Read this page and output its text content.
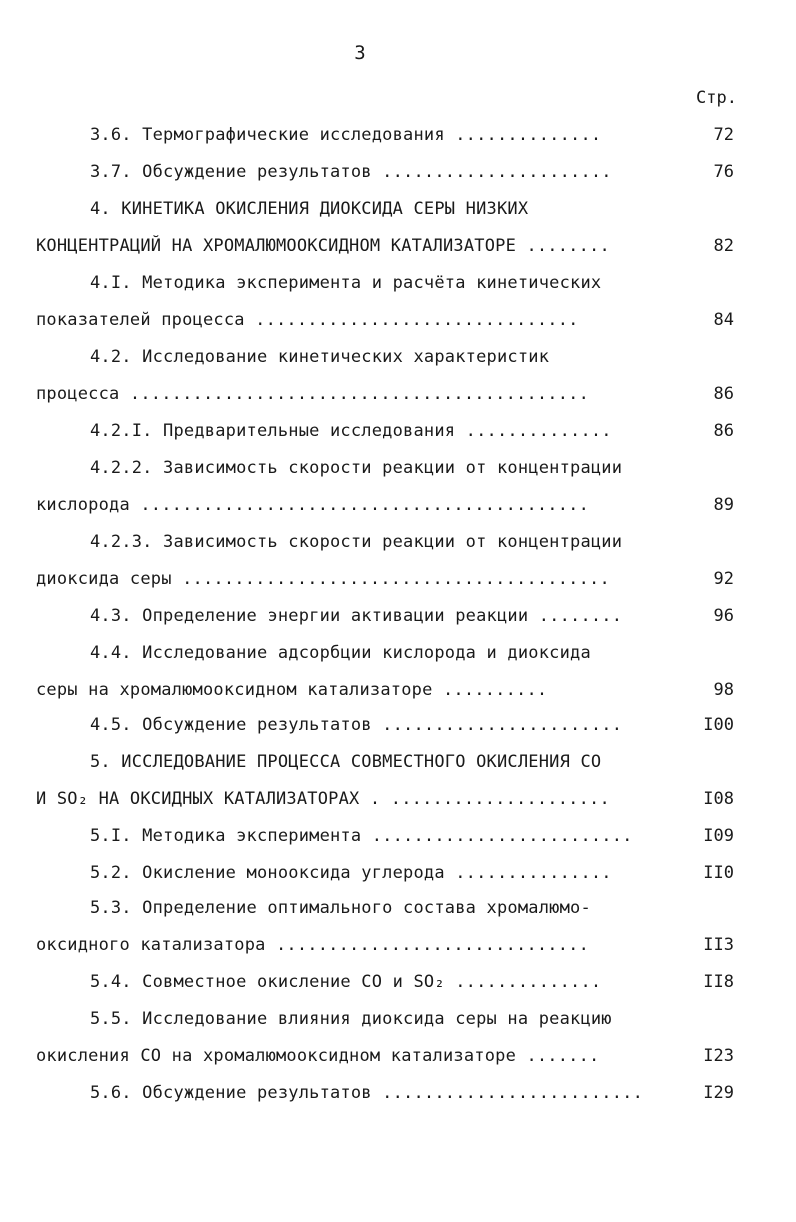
3
Стр.
3.6. Термографические исследования ..............	72
3.7. Обсуждение результатов ......................	76
4. КИНЕТИКА ОКИСЛЕНИЯ ДИОКСИДА СЕРЫ НИЗКИХ
КОНЦЕНТРАЦИЙ НА ХРОМАЛЮМООКСИДНОМ КАТАЛИЗАТОРЕ ........	82
4.I. Методика эксперимента и расчёта кинетических
показателей процесса ...............................	84
4.2. Исследование кинетических характеристик
процесса ............................................	86
4.2.I. Предварительные исследования ..............	86
4.2.2. Зависимость скорости реакции от концентрации
кислорода ...........................................	89
4.2.3. Зависимость скорости реакции от концентрации
диоксида серы .........................................	92
4.3. Определение энергии активации реакции ........	96
4.4. Исследование адсорбции кислорода и диоксида
серы на хромалюмооксидном катализаторе ..........	98
4.5. Обсуждение результатов .......................	I00
5. ИССЛЕДОВАНИЕ ПРОЦЕССА СОВМЕСТНОГО ОКИСЛЕНИЯ CO
И SO₂ НА ОКСИДНЫХ КАТАЛИЗАТОРАХ . .....................	I08
5.I. Методика эксперимента .........................	I09
5.2. Окисление монооксида углерода ...............	II0
5.3. Определение оптимального состава хромалюмо-
оксидного катализатора ..............................	II3
5.4. Совместное окисление CO и SO₂ ..............	II8
5.5. Исследование влияния диоксида серы на реакцию
окисления CO на хромалюмооксидном катализаторе .......	I23
5.6. Обсуждение результатов .........................	I29
